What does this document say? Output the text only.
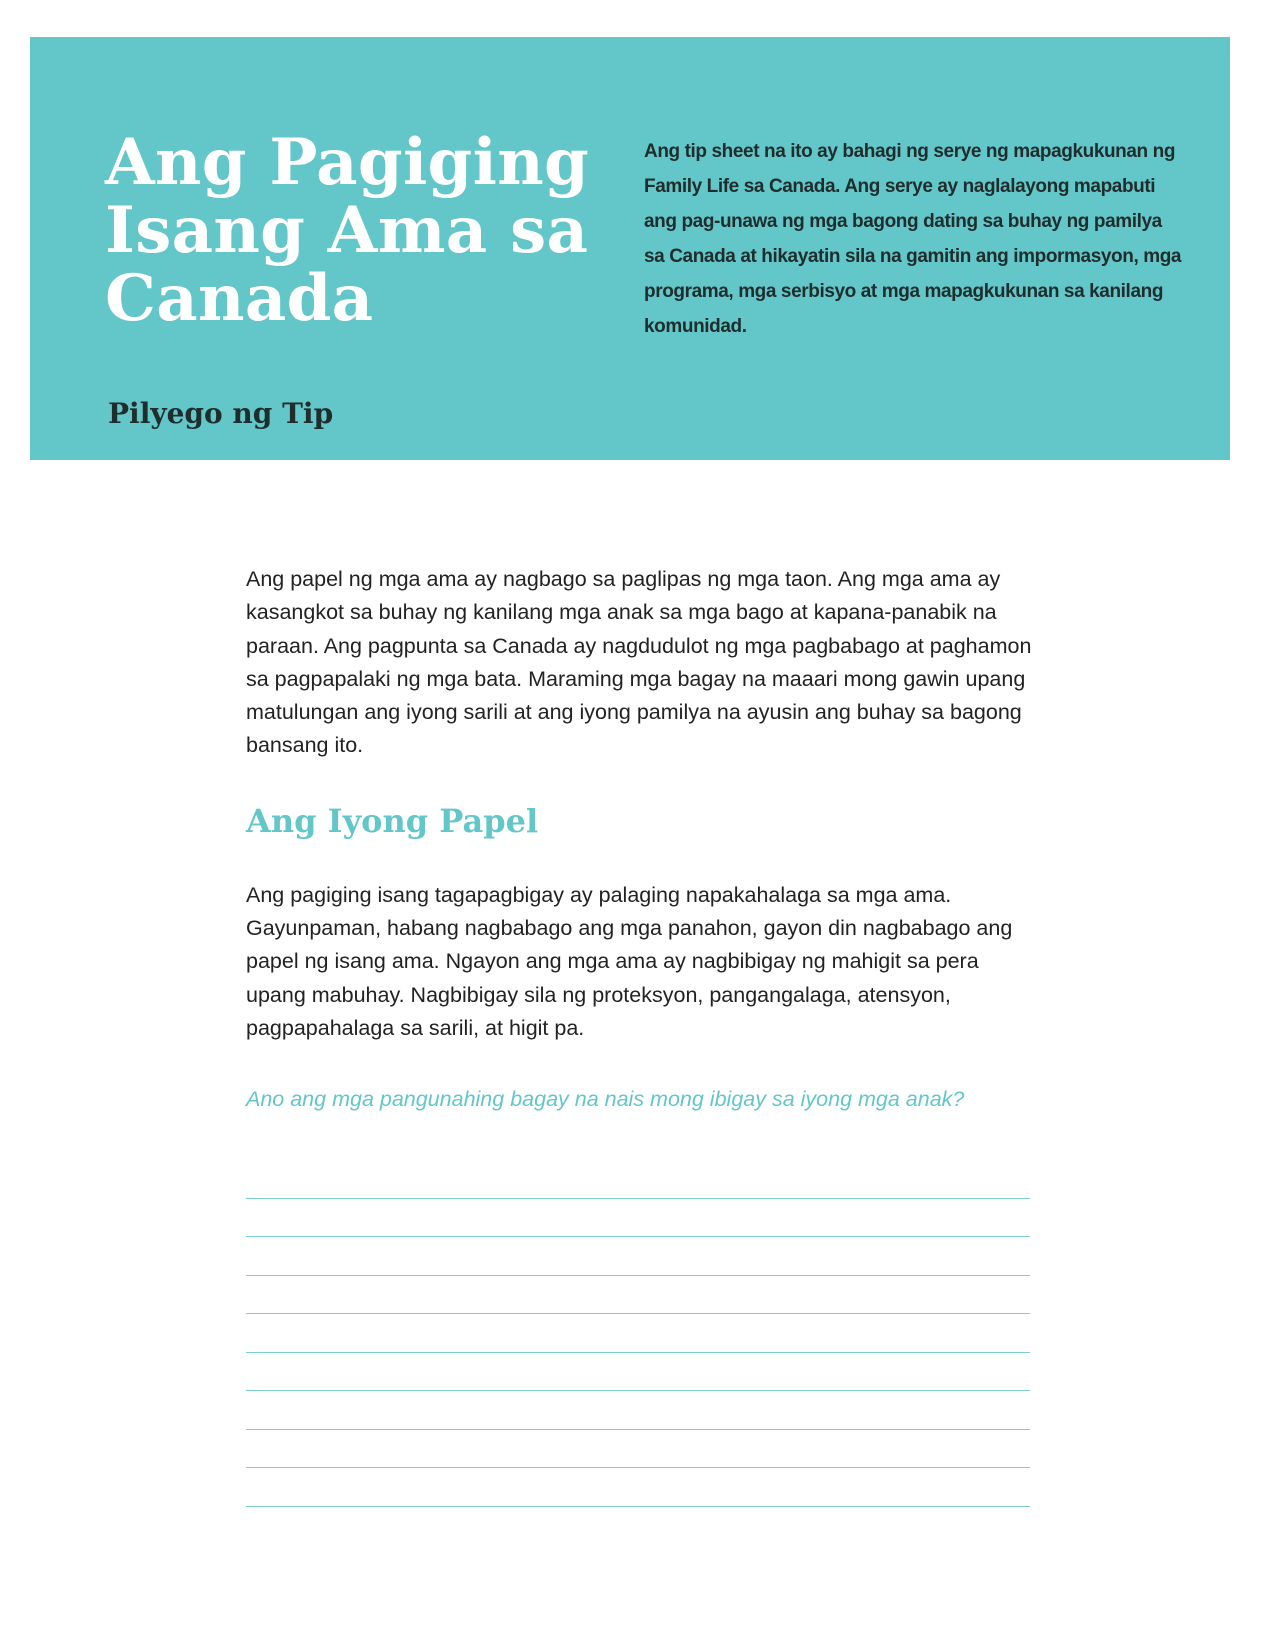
Ang Pagiging
Isang Ama sa
Canada
Pilyego ng Tip

Ang tip sheet na ito ay bahagi ng serye ng mapagkukunan ng Family Life sa Canada. Ang serye ay naglalayong mapabuti ang pag-unawa ng mga bagong dating sa buhay ng pamilya sa Canada at hikayatin sila na gamitin ang impormasyon, mga programa, mga serbisyo at mga mapagkukunan sa kanilang komunidad.

Ang papel ng mga ama ay nagbago sa paglipas ng mga taon. Ang mga ama ay kasangkot sa buhay ng kanilang mga anak sa mga bago at kapana-panabik na paraan. Ang pagpunta sa Canada ay nagdudulot ng mga pagbabago at paghamon sa pagpapalaki ng mga bata. Maraming mga bagay na maaari mong gawin upang matulungan ang iyong sarili at ang iyong pamilya na ayusin ang buhay sa bagong bansang ito.

Ang Iyong Papel

Ang pagiging isang tagapagbigay ay palaging napakahalaga sa mga ama. Gayunpaman, habang nagbabago ang mga panahon, gayon din nagbabago ang papel ng isang ama. Ngayon ang mga ama ay nagbibigay ng mahigit sa pera upang mabuhay. Nagbibigay sila ng proteksyon, pangangalaga, atensyon, pagpapahalaga sa sarili, at higit pa.

Ano ang mga pangunahing bagay na nais mong ibigay sa iyong mga anak?
